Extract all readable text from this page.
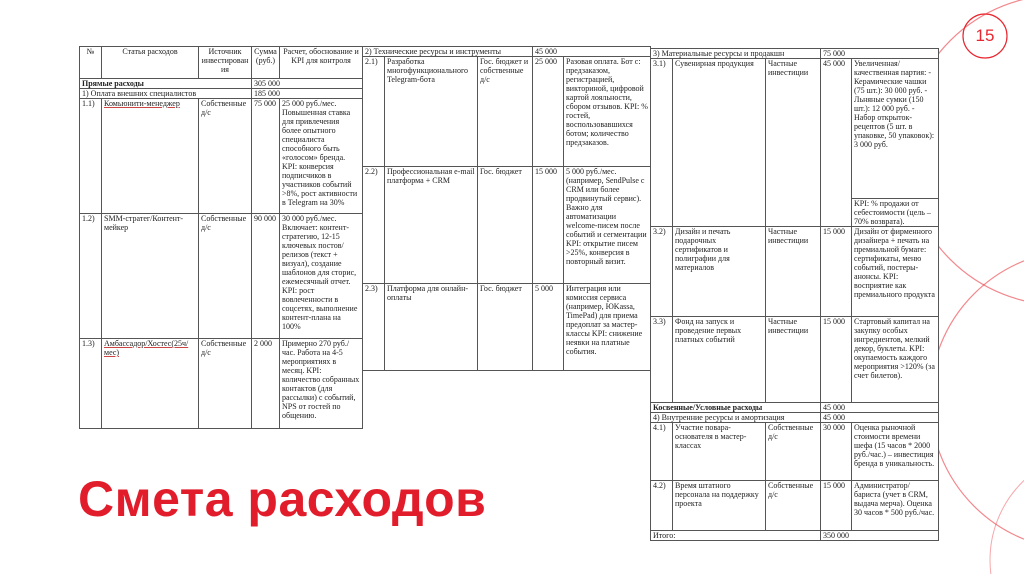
15
№	Статья расходов	Источник инвестирования	Сумма (руб.)	Расчет, обоснование и KPI для контроля
Прямые расходы			305 000	
1) Оплата внешних специалистов			185 000	
1.1)	Комьюнити-менеджер	Собственные д/с	75 000	25 000 руб./мес. Повышенная ставка для привлечения более опытного специалиста способного быть «голосом» бренда. KPI: конверсия подписчиков в участников событий >8%, рост активности в Telegram на 30%
1.2)	SMM-стратег/Контент-мейкер	Собственные д/с	90 000	30 000 руб./мес. Включает: контент-стратегию, 12-15 ключевых постов/релизов (текст + визуал), создание шаблонов для сторис, ежемесячный отчет. KPI: рост вовлеченности в соцсетях, выполнение контент-плана на 100%
1.3)	Амбассадор/Хостес(25ч/мес)	Собственные д/с	2 000	Примерно 270 руб./час. Работа на 4-5 мероприятиях в месяц. KPI: количество собранных контактов (для рассылки) с событий, NPS от гостей по общению.
2) Технические ресурсы и инструменты			45 000	
2.1)	Разработка многофункционального Telegram-бота	Гос. бюджет и собственные д/с	25 000	Разовая оплата. Бот с: предзаказом, регистрацией, викториной, цифровой картой лояльности, сбором отзывов. KPI: % гостей, воспользовавшихся ботом; количество предзаказов.
2.2)	Профессиональная e-mail платформа + CRM	Гос. бюджет	15 000	5 000 руб./мес. (например, SendPulse с CRM или более продвинутый сервис). Важно для автоматизации welcome-писем после событий и сегментации KPI: открытие писем >25%, конверсия в повторный визит.
2.3)	Платформа для онлайн-оплаты	Гос. бюджет	5 000	Интеграция или комиссия сервиса (например, ЮKassa, TimePad) для приема предоплат за мастер-классы KPI: снижение неявки на платные события.
3) Материальные ресурсы и продакшн			75 000	
3.1)	Сувенирная продукция	Частные инвестиции	45 000	Увеличенная/качественная партия: - Керамические чашки (75 шт.): 30 000 руб. - Льняные сумки (150 шт.): 12 000 руб. - Набор открыток-рецептов (5 шт. в упаковке, 50 упаковок): 3 000 руб.
				KPI: % продажи от себестоимости (цель – 70% возврата).
3.2)	Дизайн и печать подарочных сертификатов и полиграфии для материалов	Частные инвестиции	15 000	Дизайн от фирменного дизайнера + печать на премиальной бумаге: сертификаты, меню событий, постеры-анонсы. KPI: восприятие как премиального продукта
3.3)	Фонд на запуск и проведение первых платных событий	Частные инвестиции	15 000	Стартовый капитал на закупку особых ингредиентов, мелкий декор, буклеты. KPI: окупаемость каждого мероприятия >120% (за счет билетов).
Косвенные/Условные расходы			45 000	
4) Внутренние ресурсы и амортизация			45 000	
4.1)	Участие повара-основателя в мастер-классах	Собственные д/с	30 000	Оценка рыночной стоимости времени шефа (15 часов * 2000 руб./час.) – инвестиция бренда в уникальность.
4.2)	Время штатного персонала на поддержку проекта	Собственные д/с	15 000	Администратор/бариста (учет в CRM, выдача мерча). Оценка 30 часов * 500 руб./час.
Итого:			350 000	
Смета расходов
